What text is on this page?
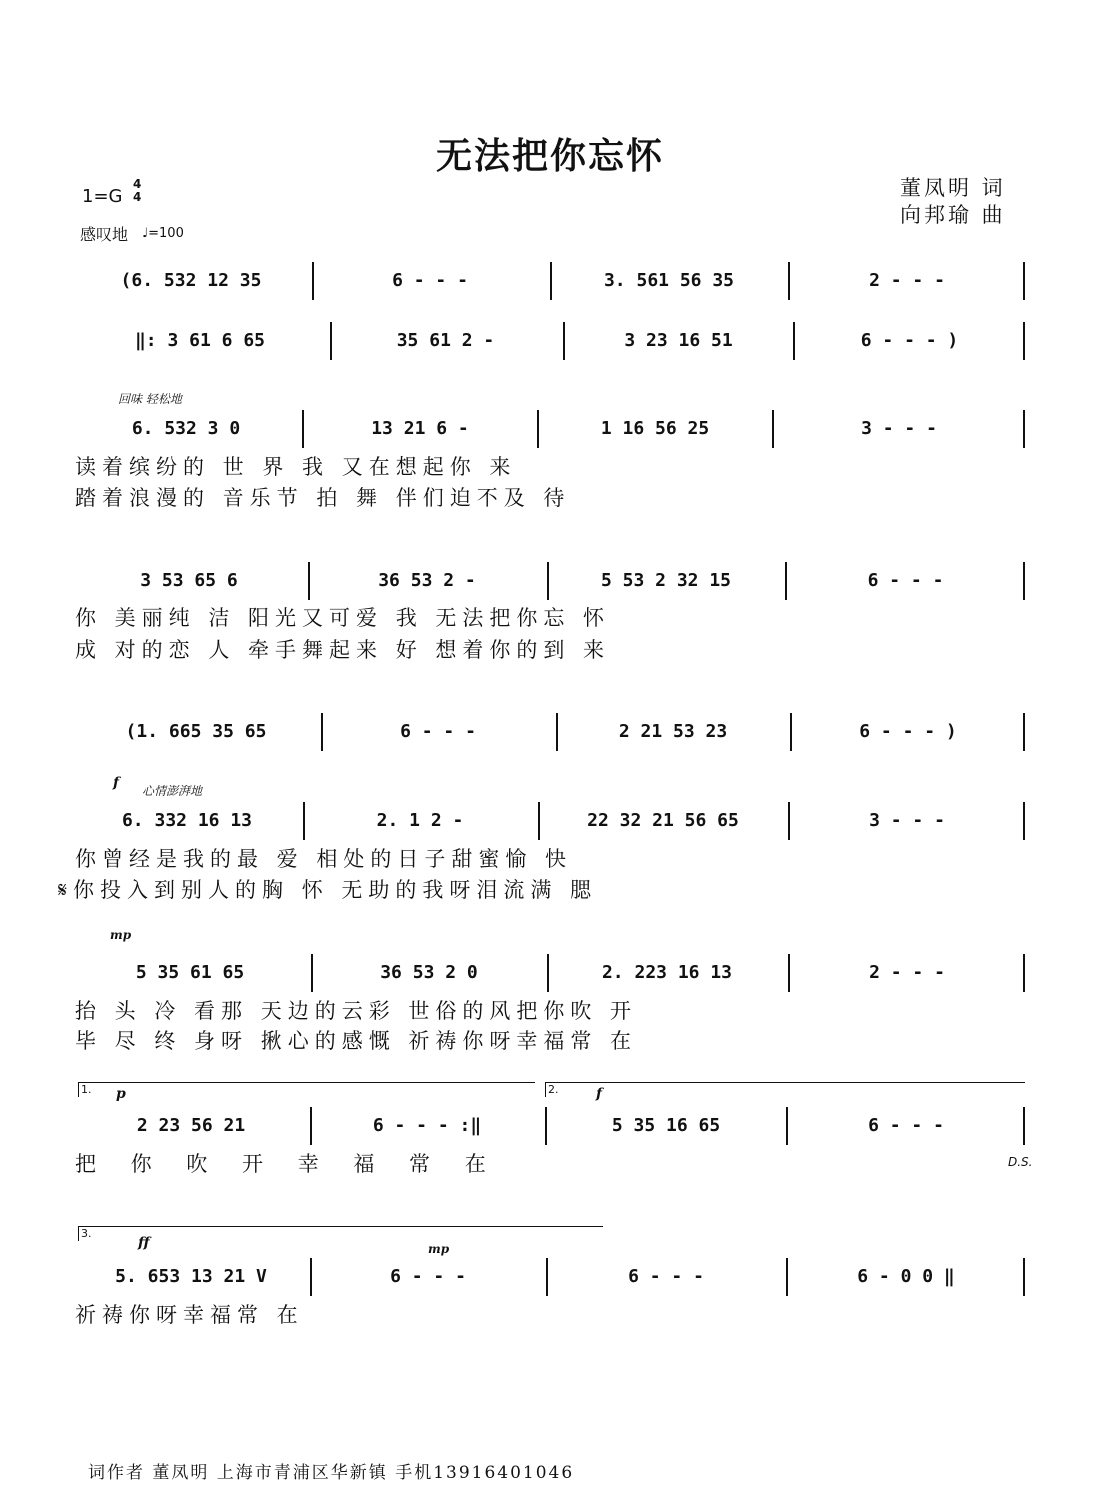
无法把你忘怀
董凤明 词
向邦瑜 曲
1=G
4
4
感叹地 ♩=100
(6. 532 12 35	6 - - -	3. 561 56 35	2 - - -
‖: 3 61 6 65	35 61 2 -	3 23 16 51	6 - - - )
回味 轻松地
6. 532 3 0	13 21 6 -	1 16 56 25	3 - - -
读着缤纷的 世 界 我 又在想起你 来
踏着浪漫的 音乐节 拍 舞 伴们迫不及 待
3 53 65 6	36 53 2 -	5 53 2 32 15	6 - - -
你 美丽纯 洁 阳光又可爱 我 无法把你忘 怀
成 对的恋 人 牵手舞起来 好 想着你的到 来
(1. 665 35 65	6 - - -	2 21 53 23	6 - - - )
f 心情澎湃地
6. 332 16 13	2. 1 2 -	22 32 21 56 65	3 - - -
你曾经是我的最 爱 相处的日子甜蜜愉 快
𝄋你投入到别人的胸 怀 无助的我呀泪流满 腮
mp
5 35 61 65	36 53 2 0	2. 223 16 13	2 - - -
抬 头 冷 看那 天边的云彩 世俗的风把你吹 开
毕 尽 终 身呀 揪心的感慨 祈祷你呀幸福常 在
1.	2.
p	f
2 23 56 21	6 - - - :‖	5 35 16 65	6 - - -
把 你 吹 开 幸 福 常 在	D.S.
3.
ff	mp
5. 653 13 21 V	6 - - -	6 - - -	6 - 0 0 ‖
祈祷你呀幸福常 在
词作者 董凤明 上海市青浦区华新镇 手机13916401046
